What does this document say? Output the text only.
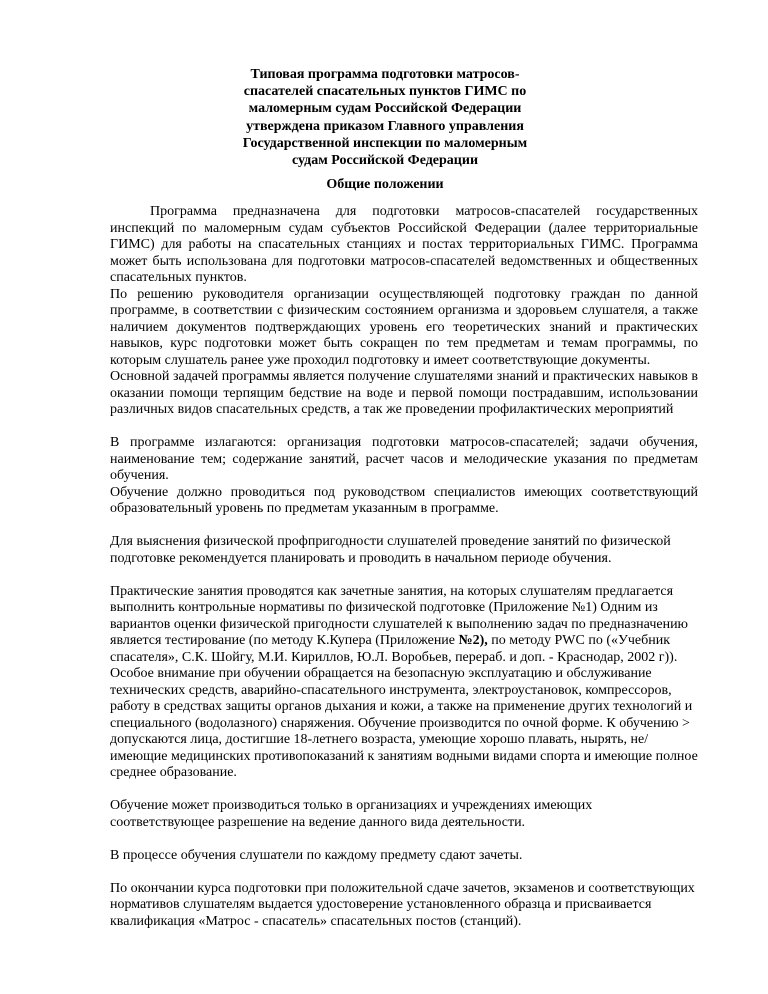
Типовая программа подготовки матросов-спасателей спасательных пунктов ГИМС по маломерным судам Российской Федерации утверждена приказом Главного управления Государственной инспекции по маломерным судам Российской Федерации
Общие положении

Программа предназначена для подготовки матросов-спасателей государственных инспекций по маломерным судам субъектов Российской Федерации (далее территориальные ГИМС) для работы на спасательных станциях и постах территориальных ГИМС. Программа может быть использована для подготовки матросов-спасателей ведомственных и общественных спасательных пунктов.

По решению руководителя организации осуществляющей подготовку граждан по данной программе, в соответствии с физическим состоянием организма и здоровьем слушателя, а также наличием документов подтверждающих уровень его теоретических знаний и практических навыков, курс подготовки может быть сокращен по тем предметам и темам программы, по которым слушатель ранее уже проходил подготовку и имеет соответствующие документы.

Основной задачей программы является получение слушателями знаний и практических навыков в оказании помощи терпящим бедствие на воде и первой помощи пострадавшим, использовании различных видов спасательных средств, а так же проведении профилактических мероприятий

В программе излагаются: организация подготовки матросов-спасателей; задачи обучения, наименование тем; содержание занятий, расчет часов и мелодические указания по предметам обучения.

Обучение должно проводиться под руководством специалистов имеющих соответствующий образовательный уровень по предметам указанным в программе.

Для выяснения физической профпригодности слушателей проведение занятий по физической подготовке рекомендуется планировать и проводить в начальном периоде обучения.

Практические занятия проводятся как зачетные занятия, на которых слушателям предлагается выполнить контрольные нормативы по физической подготовке (Приложение №1) Одним из вариантов оценки физической пригодности слушателей к выполнению задач по предназначению является тестирование (по методу К.Купера (Приложение №2), по методу PWC по («Учебник спасателя», С.К. Шойгу, М.И. Кириллов, Ю.Л. Воробьев, перераб. и доп. - Краснодар, 2002 г)).

Особое внимание при обучении обращается на безопасную эксплуатацию и обслуживание технических средств, аварийно-спасательного инструмента, электроустановок, компрессоров, работу в средствах защиты органов дыхания и кожи, а также на применение других технологий и специального (водолазного) снаряжения. Обучение производится по очной форме. К обучению > допускаются лица, достигшие 18-летнего возраста, умеющие хорошо плавать, нырять, не/ имеющие медицинских противопоказаний к занятиям водными видами спорта и имеющие полное среднее образование.

Обучение может производиться только в организациях и учреждениях имеющих соответствующее разрешение на ведение данного вида деятельности.

В процессе обучения слушатели по каждому предмету сдают зачеты.

По окончании курса подготовки при положительной сдаче зачетов, экзаменов и соответствующих нормативов слушателям выдается удостоверение установленного образца и присваивается квалификация «Матрос - спасатель» спасательных постов (станций).
